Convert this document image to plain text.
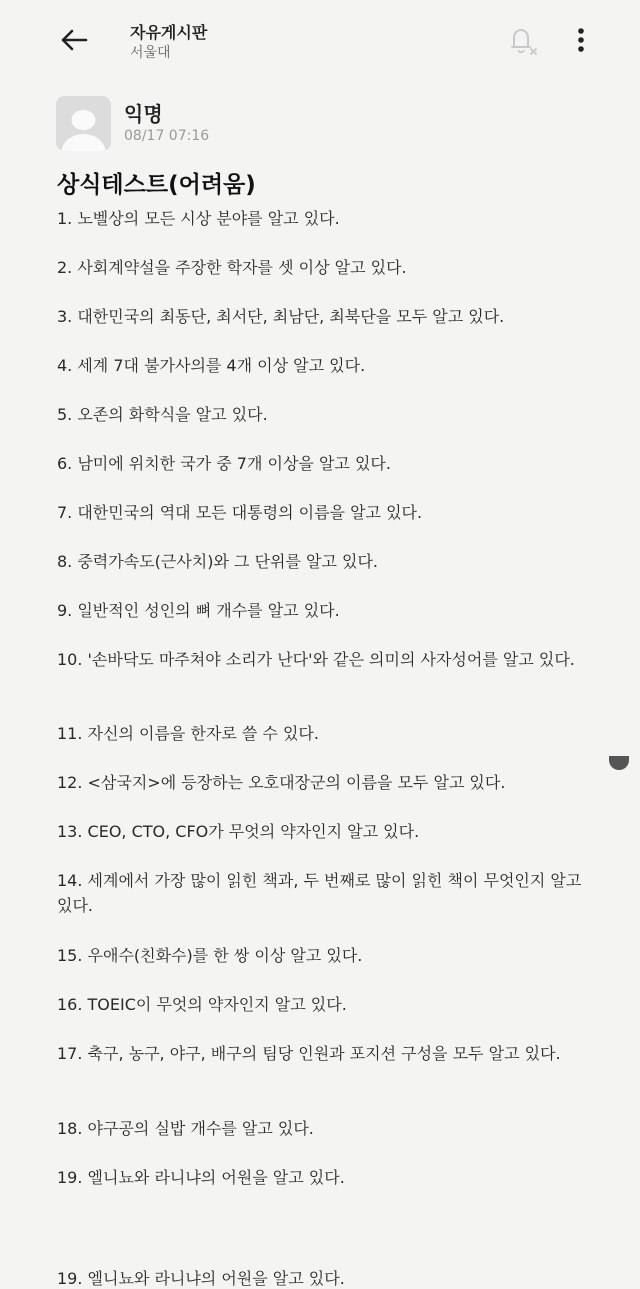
자유게시판
서울대
익명
08/17 07:16
상식테스트(어려움)

1. 노벨상의 모든 시상 분야를 알고 있다.

2. 사회계약설을 주장한 학자를 셋 이상 알고 있다.

3. 대한민국의 최동단, 최서단, 최남단, 최북단을 모두 알고 있다.

4. 세계 7대 불가사의를 4개 이상 알고 있다.

5. 오존의 화학식을 알고 있다.

6. 남미에 위치한 국가 중 7개 이상을 알고 있다.

7. 대한민국의 역대 모든 대통령의 이름을 알고 있다.

8. 중력가속도(근사치)와 그 단위를 알고 있다.

9. 일반적인 성인의 뼈 개수를 알고 있다.

10. '손바닥도 마주쳐야 소리가 난다'와 같은 의미의 사자성어를 알고 있다.

11. 자신의 이름을 한자로 쓸 수 있다.

12. <삼국지>에 등장하는 오호대장군의 이름을 모두 알고 있다.

13. CEO, CTO, CFO가 무엇의 약자인지 알고 있다.

14. 세계에서 가장 많이 읽힌 책과, 두 번째로 많이 읽힌 책이 무엇인지 알고 있다.

15. 우애수(친화수)를 한 쌍 이상 알고 있다.

16. TOEIC이 무엇의 약자인지 알고 있다.

17. 축구, 농구, 야구, 배구의 팀당 인원과 포지션 구성을 모두 알고 있다.

18. 야구공의 실밥 개수를 알고 있다.

19. 엘니뇨와 라니냐의 어원을 알고 있다.

19. 엘니뇨와 라니냐의 어원을 알고 있다.
